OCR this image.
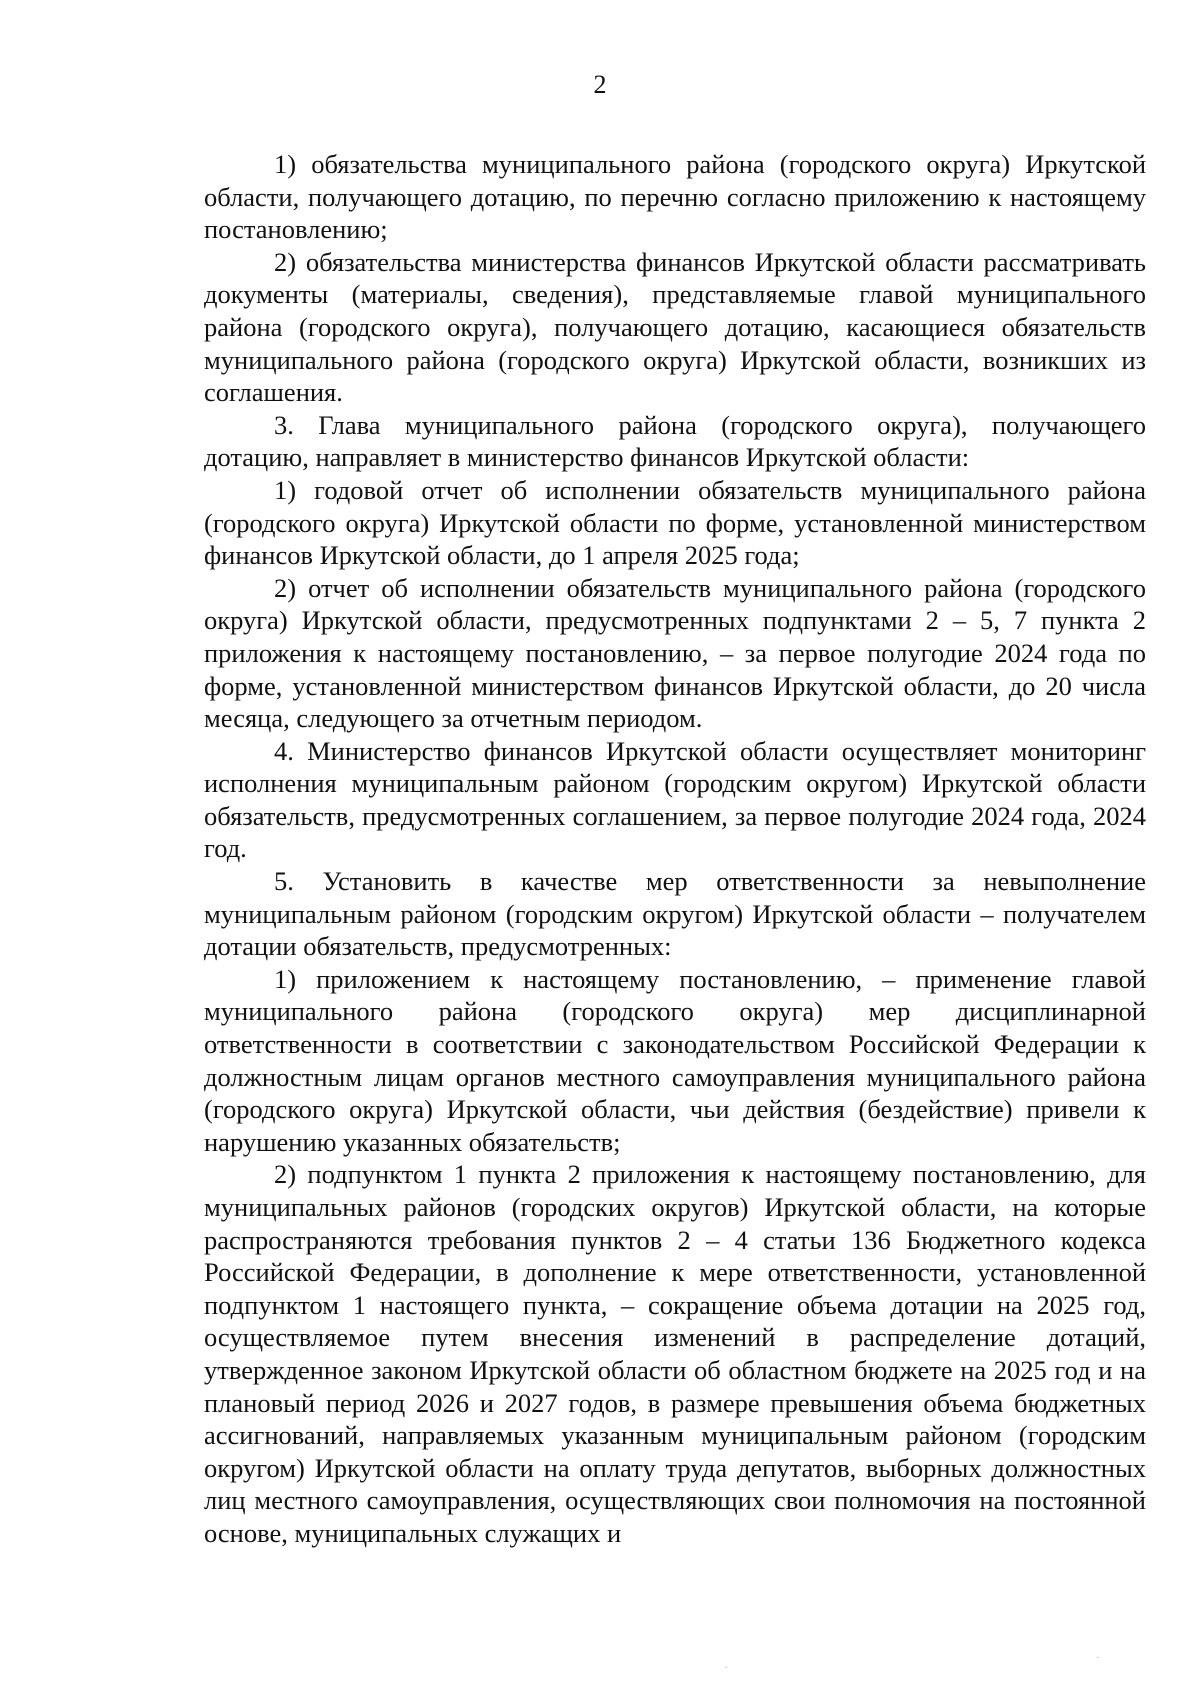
2

1) обязательства муниципального района (городского округа) Иркутской области, получающего дотацию, по перечню согласно приложению к настоящему постановлению;

2) обязательства министерства финансов Иркутской области рассматривать документы (материалы, сведения), представляемые главой муниципального района (городского округа), получающего дотацию, касающиеся обязательств муниципального района (городского округа) Иркутской области, возникших из соглашения.

3. Глава муниципального района (городского округа), получающего дотацию, направляет в министерство финансов Иркутской области:

1) годовой отчет об исполнении обязательств муниципального района (городского округа) Иркутской области по форме, установленной министерством финансов Иркутской области, до 1 апреля 2025 года;

2) отчет об исполнении обязательств муниципального района (городского округа) Иркутской области, предусмотренных подпунктами 2 – 5, 7 пункта 2 приложения к настоящему постановлению, – за первое полугодие 2024 года по форме, установленной министерством финансов Иркутской области, до 20 числа месяца, следующего за отчетным периодом.

4. Министерство финансов Иркутской области осуществляет мониторинг исполнения муниципальным районом (городским округом) Иркутской области обязательств, предусмотренных соглашением, за первое полугодие 2024 года, 2024 год.

5. Установить в качестве мер ответственности за невыполнение муниципальным районом (городским округом) Иркутской области – получателем дотации обязательств, предусмотренных:

1) приложением к настоящему постановлению, – применение главой муниципального района (городского округа) мер дисциплинарной ответственности в соответствии с законодательством Российской Федерации к должностным лицам органов местного самоуправления муниципального района (городского округа) Иркутской области, чьи действия (бездействие) привели к нарушению указанных обязательств;

2) подпунктом 1 пункта 2 приложения к настоящему постановлению, для муниципальных районов (городских округов) Иркутской области, на которые распространяются требования пунктов 2 – 4 статьи 136 Бюджетного кодекса Российской Федерации, в дополнение к мере ответственности, установленной подпунктом 1 настоящего пункта, – сокращение объема дотации на 2025 год, осуществляемое путем внесения изменений в распределение дотаций, утвержденное законом Иркутской области об областном бюджете на 2025 год и на плановый период 2026 и 2027 годов, в размере превышения объема бюджетных ассигнований, направляемых указанным муниципальным районом (городским округом) Иркутской области на оплату труда депутатов, выборных должностных лиц местного самоуправления, осуществляющих свои полномочия на постоянной основе, муниципальных служащих и

·
·
